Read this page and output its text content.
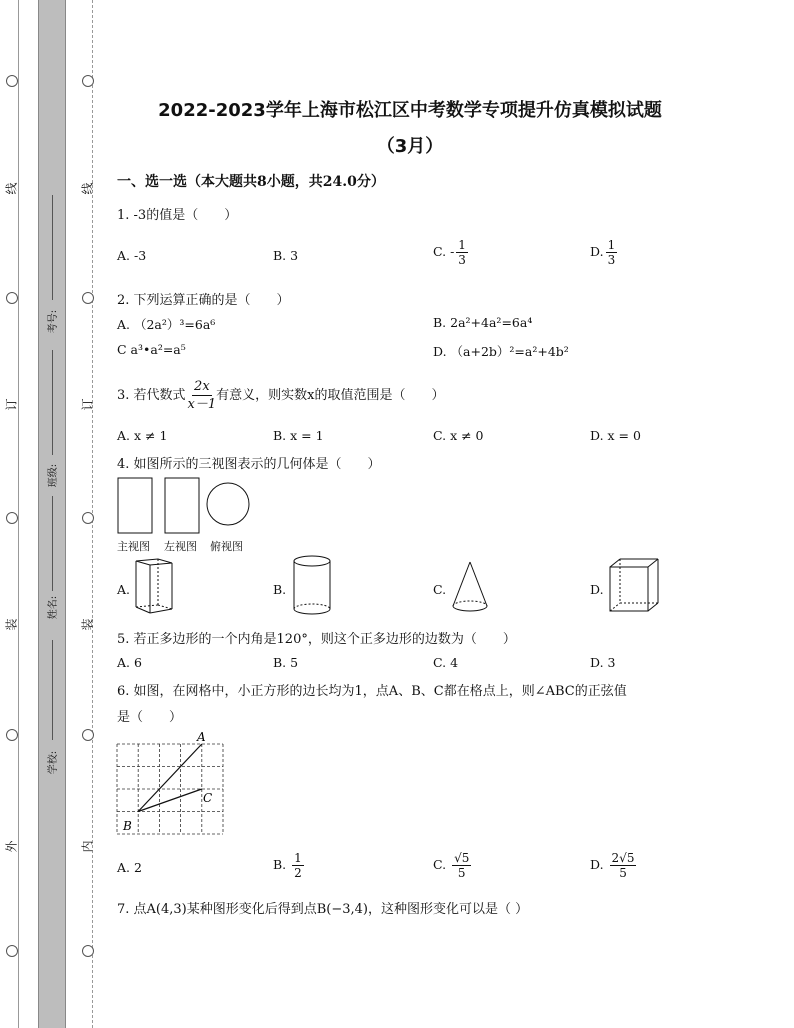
线
订
装
外
线
订
装
内
考号:
班级:
姓名:
学校:
2022-2023学年上海市松江区中考数学专项提升仿真模拟试题
（3月）
一、选一选（本大题共8小题，共24.0分）
1. -3的值是（　　）
A. -3	B. 3	C. - $\frac{1}{3}$	D. $\frac{1}{3}$
2. 下列运算正确的是（　　）
A. （2a²）³=6a⁶	B. 2a²+4a²=6a⁴
C a³•a²=a⁵	D. （a+2b）²=a²+4b²
3. 若代数式 $\frac{2x}{x-1}$ 有意义，则实数x的取值范围是（　　）
A. x ≠ 1	B. x = 1	C. x ≠ 0	D. x = 0
4. 如图所示的三视图表示的几何体是（　　）
主视图 左视图 俯视图
A.	B.	C.	D.
5. 若正多边形的一个内角是120°，则这个正多边形的边数为（　　）
A. 6	B. 5	C. 4	D. 3
6. 如图，在网格中，小正方形的边长均为1，点A、B、C都在格点上，则∠ABC的正弦值
是（　　）
A
B
C
A. 2	B. $\frac{1}{2}$	C. $\frac{√5}{5}$	D. $\frac{2√5}{5}$
7. 点A(4,3)某种图形变化后得到点B(−3,4)，这种图形变化可以是（ ）
